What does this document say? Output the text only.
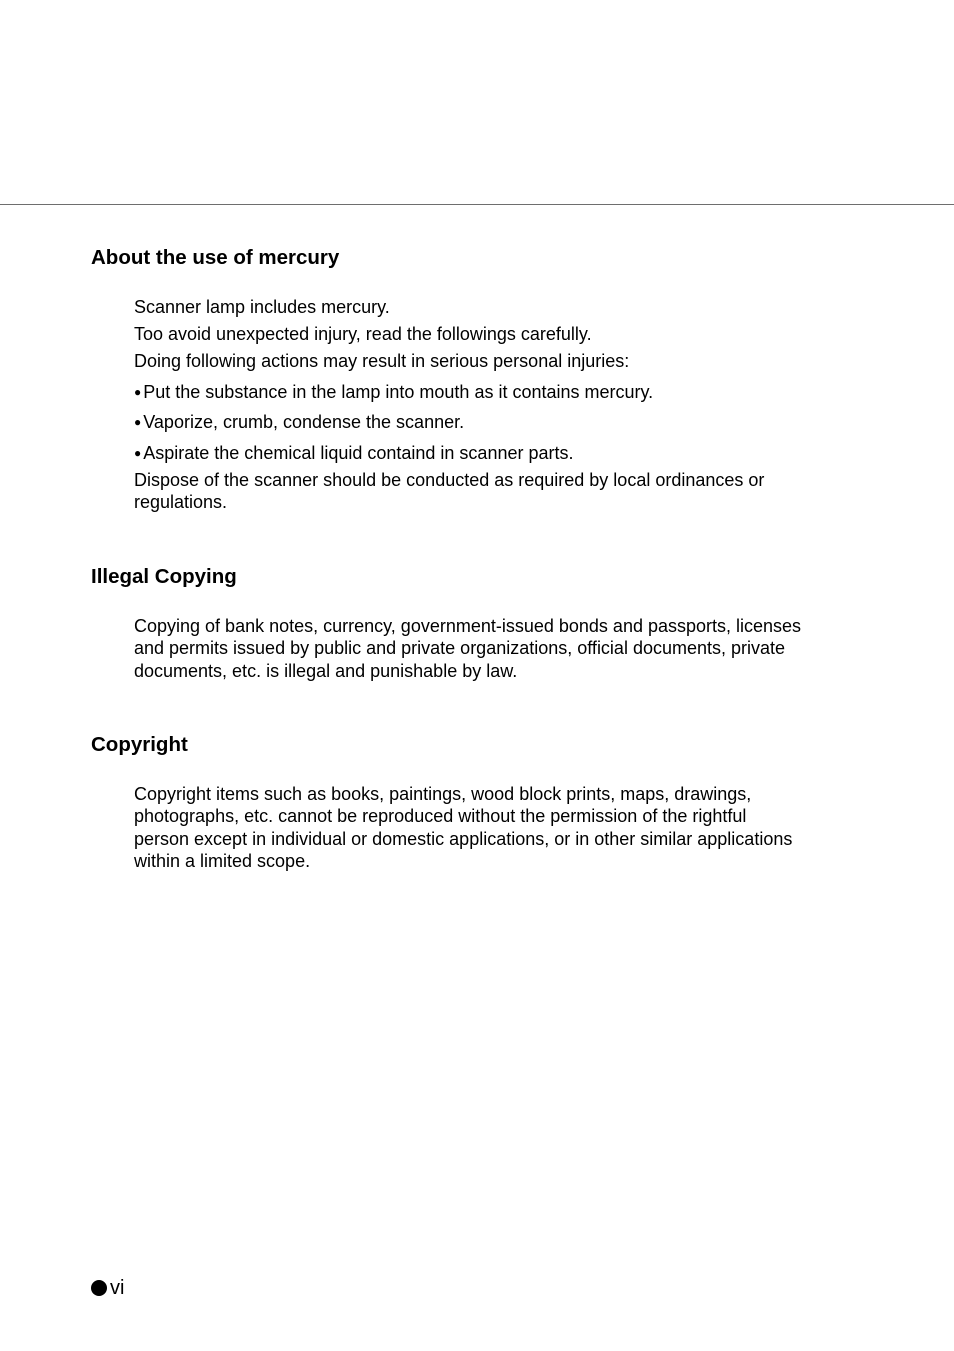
About the use of mercury
Scanner lamp includes mercury.
Too avoid unexpected injury, read the followings carefully.
Doing following actions may result in serious personal injuries:
● Put the substance in the lamp into mouth as it contains mercury.
● Vaporize, crumb, condense the scanner.
● Aspirate the chemical liquid containd in scanner parts.
Dispose of the scanner should be conducted as required by local ordinances or
regulations.
Illegal Copying
Copying of bank notes, currency, government-issued bonds and passports, licenses
and permits issued by public and private organizations, official documents, private
documents, etc. is illegal and punishable by law.
Copyright
Copyright items such as books, paintings, wood block prints, maps, drawings,
photographs, etc. cannot be reproduced without the permission of the rightful
person except in individual or domestic applications, or in other similar applications
within a limited scope.
vi
